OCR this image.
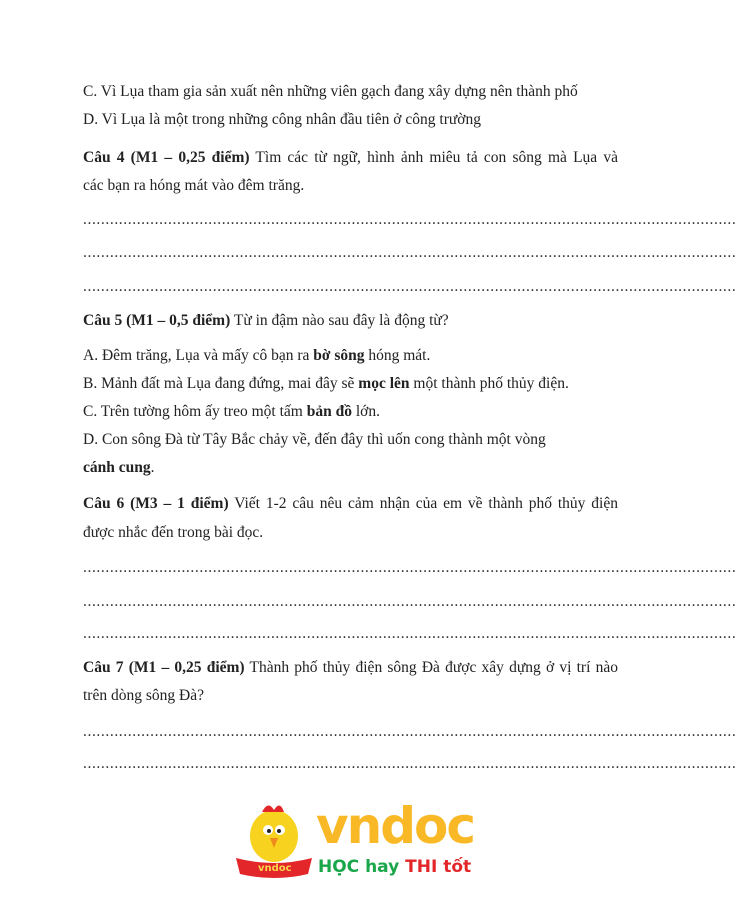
C. Vì Lụa tham gia sản xuất nên những viên gạch đang xây dựng nên thành phố
D. Vì Lụa là một trong những công nhân đầu tiên ở công trường
Câu 4 (M1 – 0,25 điểm) Tìm các từ ngữ, hình ảnh miêu tả con sông mà Lụa và
các bạn ra hóng mát vào đêm trăng.
..................................................................................................................................................
..................................................................................................................................................
..................................................................................................................................................
Câu 5 (M1 – 0,5 điểm) Từ in đậm nào sau đây là động từ?
A. Đêm trăng, Lụa và mấy cô bạn ra bờ sông hóng mát.
B. Mảnh đất mà Lụa đang đứng, mai đây sẽ mọc lên một thành phố thủy điện.
C. Trên tường hôm ấy treo một tấm bản đồ lớn.
D. Con sông Đà từ Tây Bắc chảy về, đến đây thì uốn cong thành một vòng
cánh cung.
Câu 6 (M3 – 1 điểm) Viết 1-2 câu nêu cảm nhận của em về thành phố thủy điện
được nhắc đến trong bài đọc.
..................................................................................................................................................
..................................................................................................................................................
..................................................................................................................................................
Câu 7 (M1 – 0,25 điểm) Thành phố thủy điện sông Đà được xây dựng ở vị trí nào
trên dòng sông Đà?
..................................................................................................................................................
..................................................................................................................................................
vndoc
vndoc
HỌC hay THI tốt
